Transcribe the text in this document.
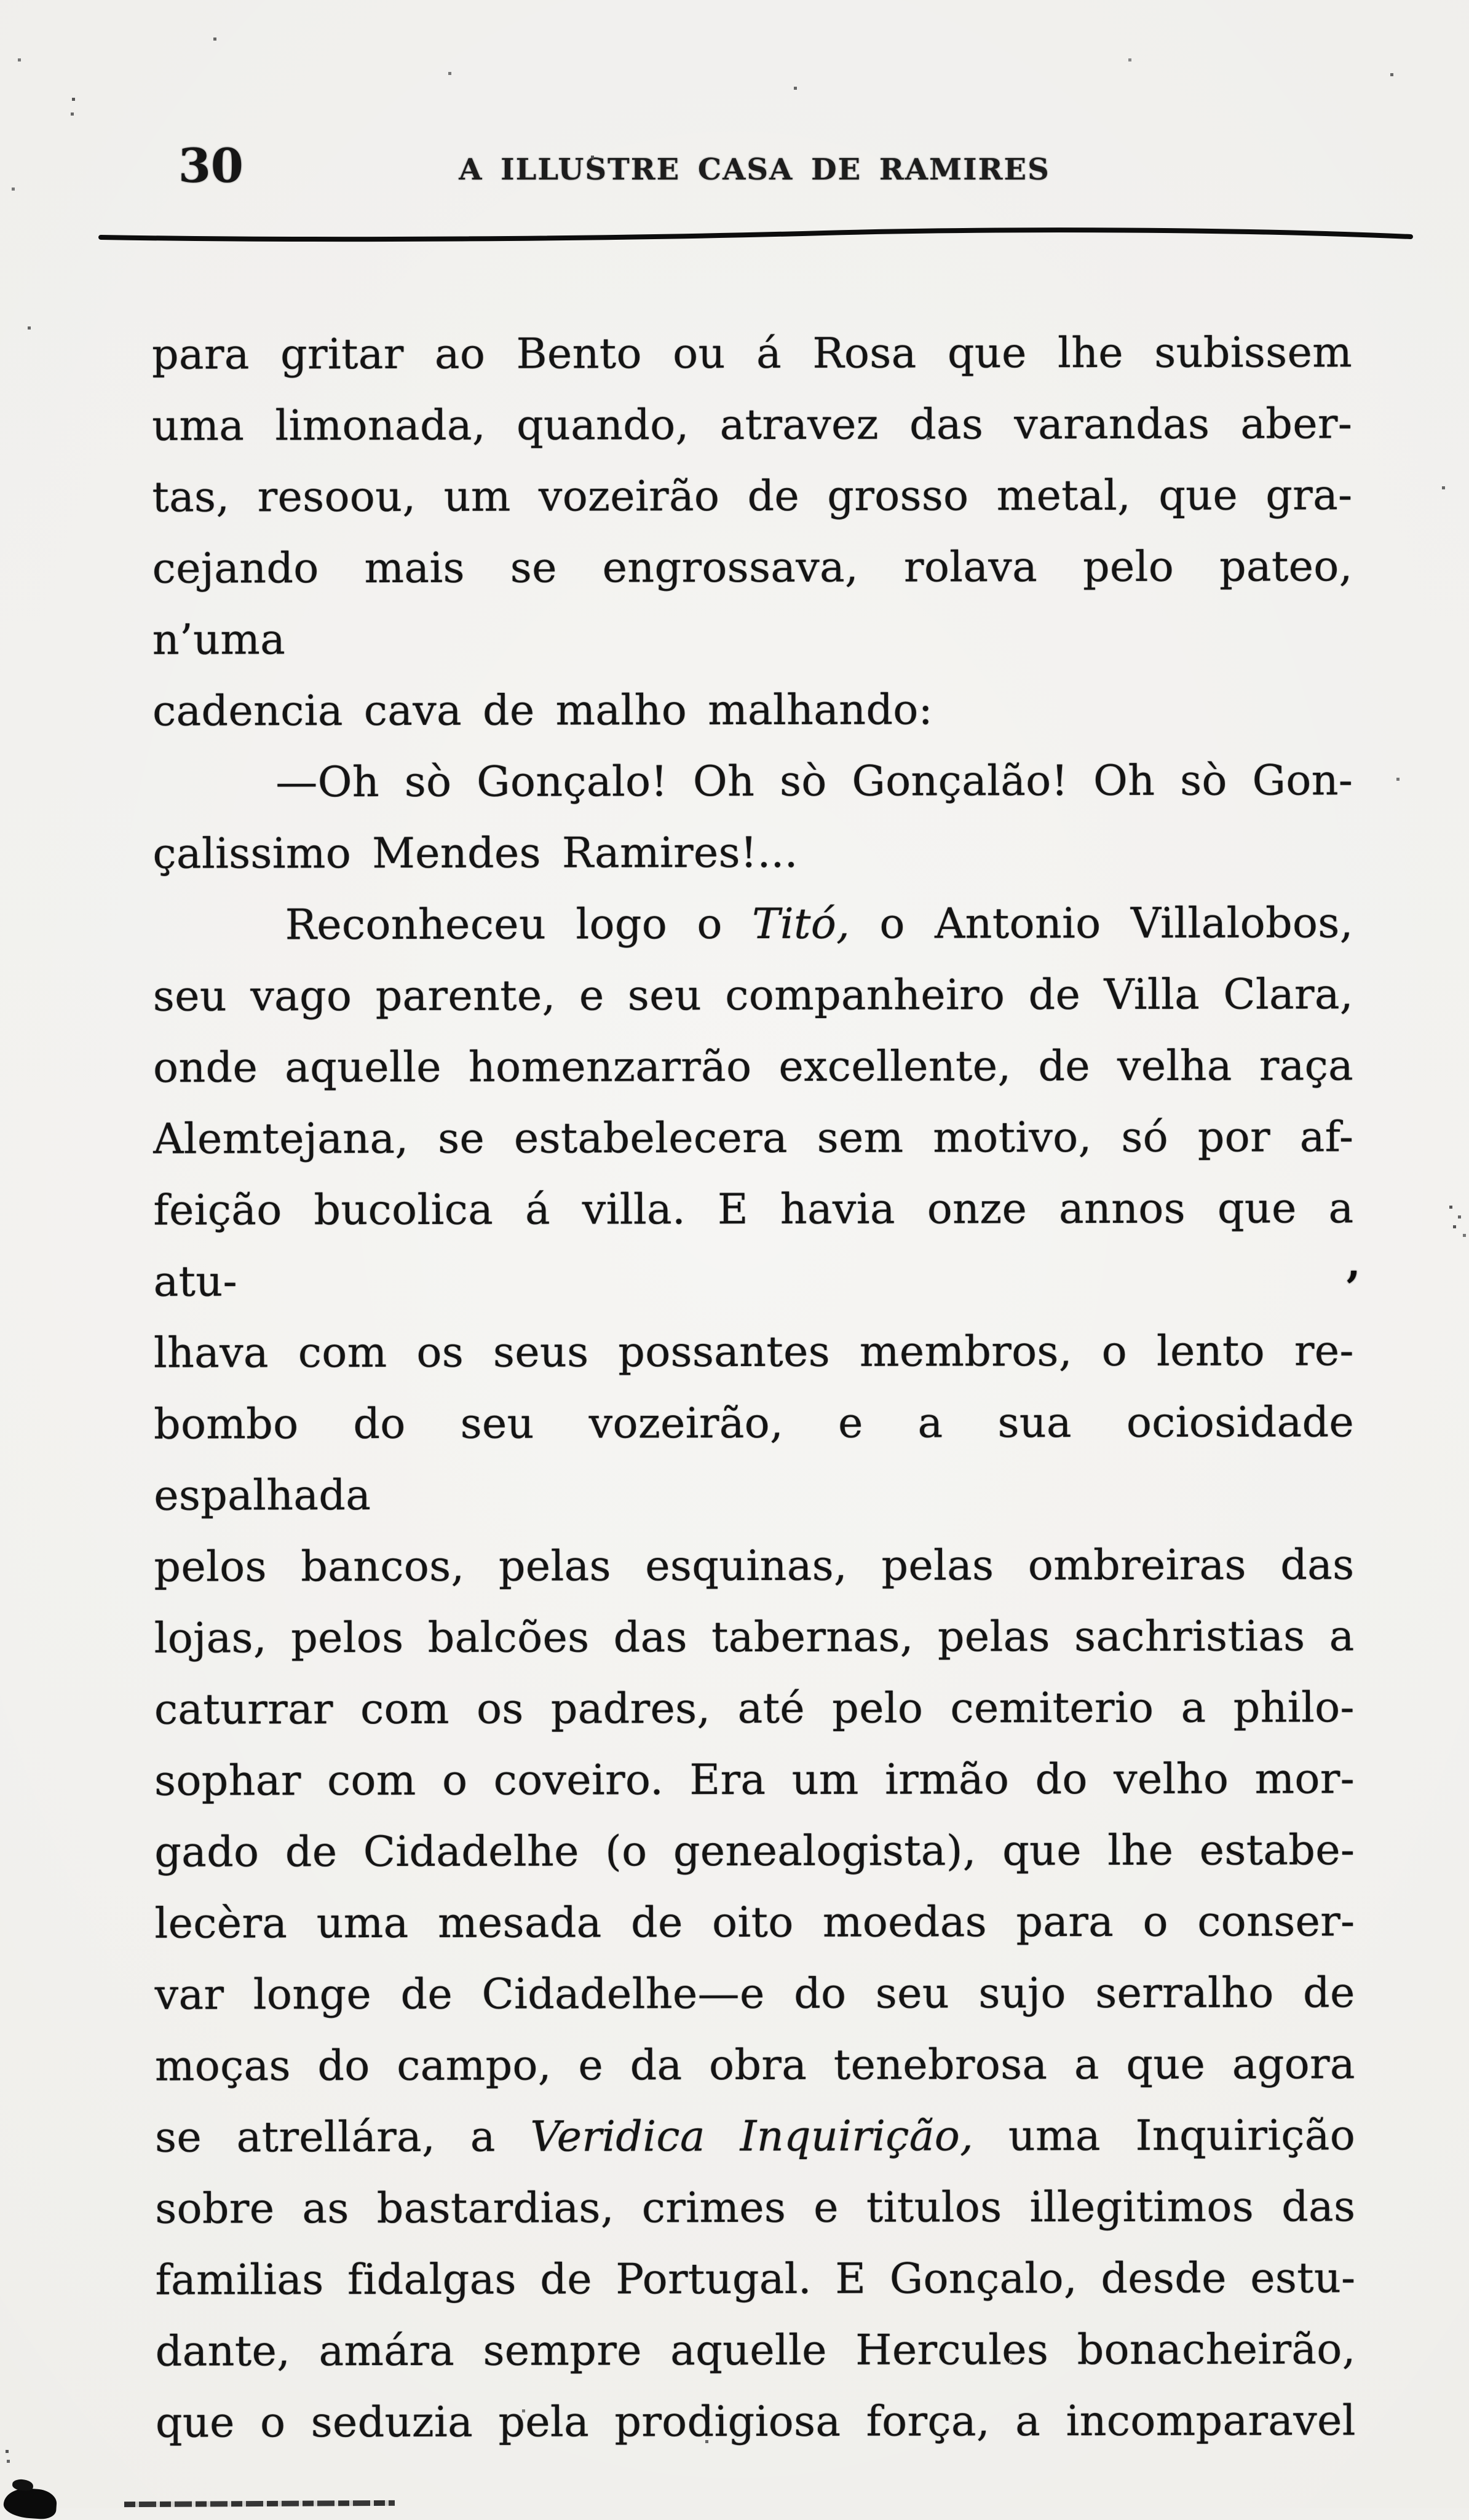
30	A ILLUSTRE CASA DE RAMIRES
para gritar ao Bento ou á Rosa que lhe subissem
uma limonada, quando, atravez das varandas aber-
tas, resoou, um vozeirão de grosso metal, que gra-
cejando mais se engrossava, rolava pelo pateo, n’uma
cadencia cava de malho malhando:
—Oh sò Gonçalo! Oh sò Gonçalão! Oh sò Gon-
çalissimo Mendes Ramires!...
Reconheceu logo o Titó, o Antonio Villalobos,
seu vago parente, e seu companheiro de Villa Clara,
onde aquelle homenzarrão excellente, de velha raça
Alemtejana, se estabelecera sem motivo, só por af-
feição bucolica á villa. E havia onze annos que a atu-
lhava com os seus possantes membros, o lento re-
bombo do seu vozeirão, e a sua ociosidade espalhada
pelos bancos, pelas esquinas, pelas ombreiras das
lojas, pelos balcões das tabernas, pelas sachristias a
caturrar com os padres, até pelo cemiterio a philo-
sophar com o coveiro. Era um irmão do velho mor-
gado de Cidadelhe (o genealogista), que lhe estabe-
lecèra uma mesada de oito moedas para o conser-
var longe de Cidadelhe—e do seu sujo serralho de
moças do campo, e da obra tenebrosa a que agora
se atrellára, a Veridica Inquirição, uma Inquirição
sobre as bastardias, crimes e titulos illegitimos das
familias fidalgas de Portugal. E Gonçalo, desde estu-
dante, amára sempre aquelle Hercules bonacheirão,
que o seduzia pela prodigiosa força, a incomparavel
,
